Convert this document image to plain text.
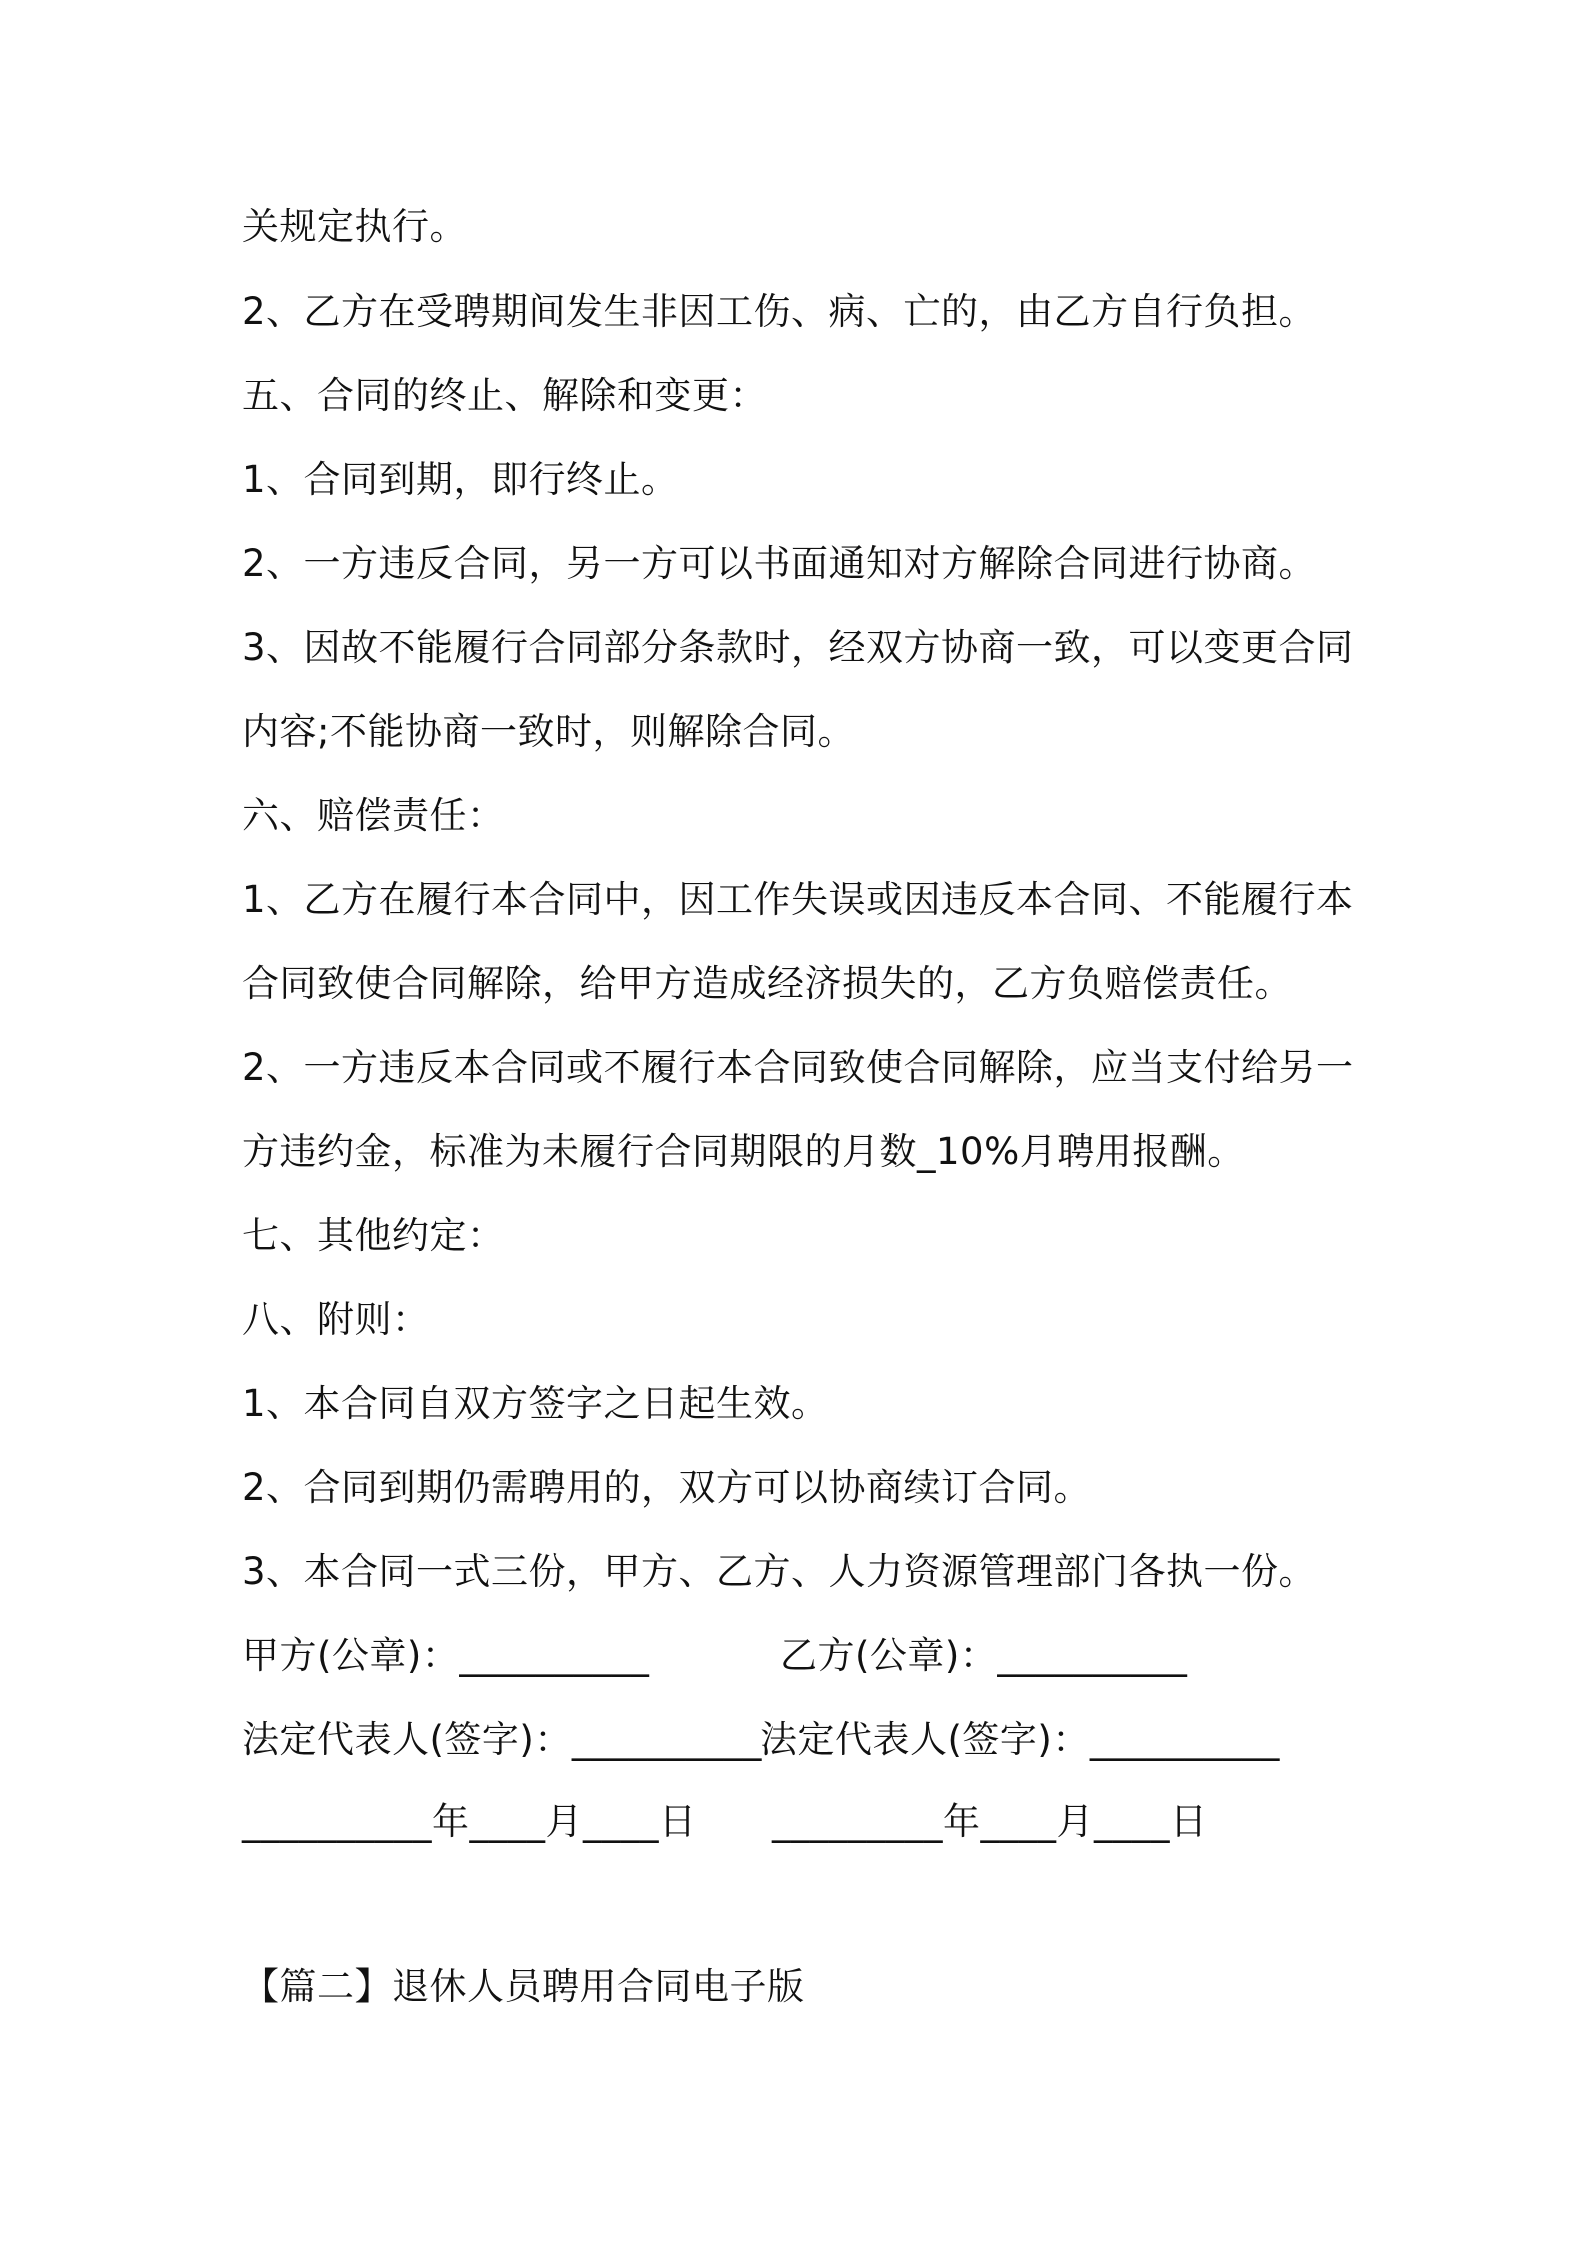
关规定执行。
2、乙方在受聘期间发生非因工伤、病、亡的，由乙方自行负担。
五、合同的终止、解除和变更：
1、合同到期，即行终止。
2、一方违反合同，另一方可以书面通知对方解除合同进行协商。
3、因故不能履行合同部分条款时，经双方协商一致，可以变更合同
内容;不能协商一致时，则解除合同。
六、赔偿责任：
1、乙方在履行本合同中，因工作失误或因违反本合同、不能履行本
合同致使合同解除，给甲方造成经济损失的，乙方负赔偿责任。
2、一方违反本合同或不履行本合同致使合同解除，应当支付给另一
方违约金，标准为未履行合同期限的月数_10%月聘用报酬。
七、其他约定：
八、附则：
1、本合同自双方签字之日起生效。
2、合同到期仍需聘用的，双方可以协商续订合同。
3、本合同一式三份，甲方、乙方、人力资源管理部门各执一份。
甲方(公章)：__________	乙方(公章)：__________
法定代表人(签字)：__________
法定代表人(签字)：__________
__________年____月____日 _________年____月____日
【篇二】退休人员聘用合同电子版
